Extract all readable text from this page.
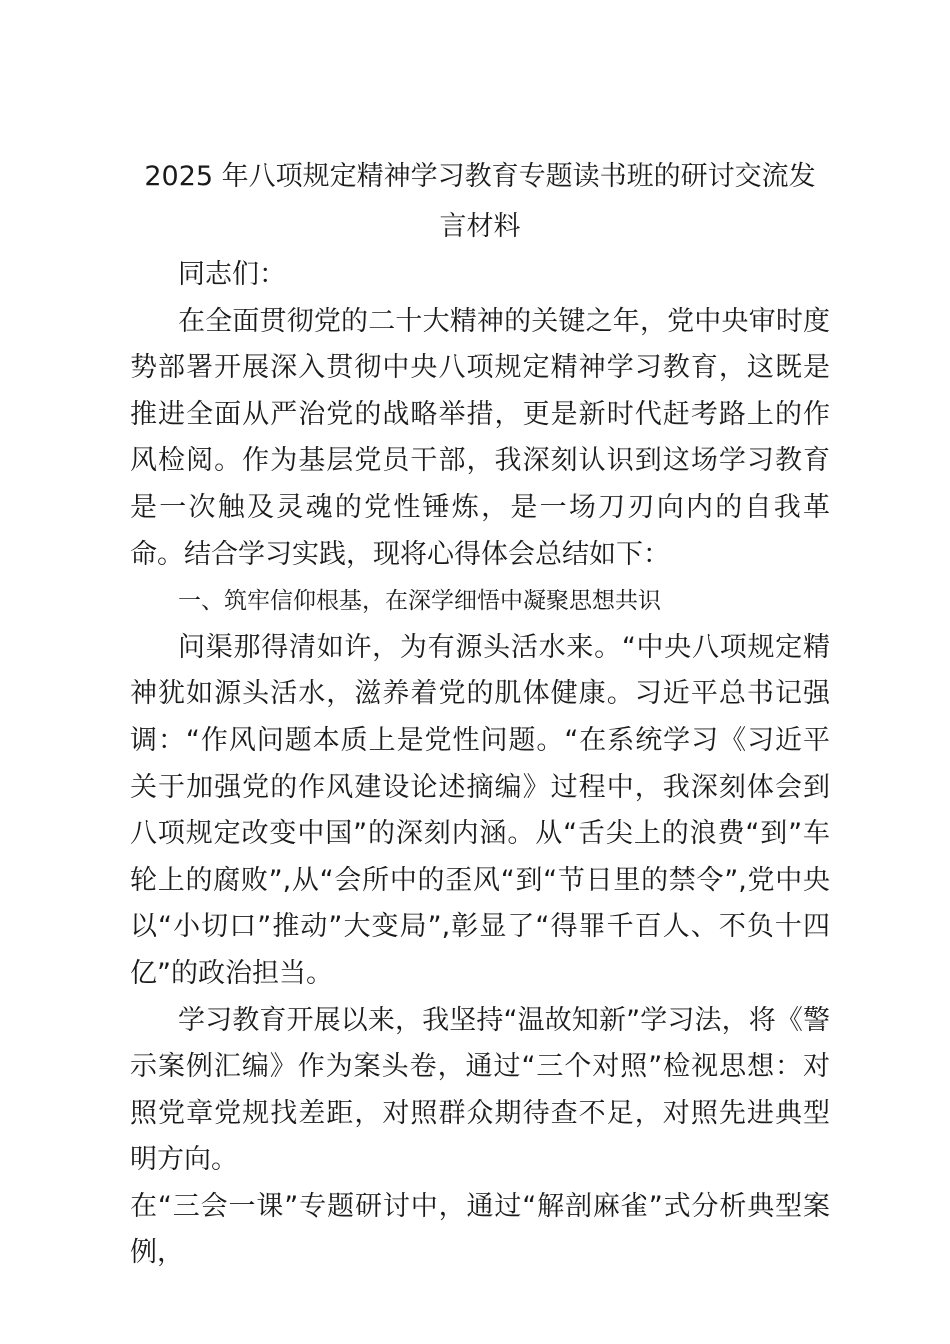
2025 年八项规定精神学习教育专题读书班的研讨交流发
言材料

同志们：

在全面贯彻党的二十大精神的关键之年，党中央审时度势部署开展深入贯彻中央八项规定精神学习教育，这既是推进全面从严治党的战略举措，更是新时代赶考路上的作风检阅。作为基层党员干部，我深刻认识到这场学习教育是一次触及灵魂的党性锤炼，是一场刀刃向内的自我革命。结合学习实践，现将心得体会总结如下：

一、筑牢信仰根基，在深学细悟中凝聚思想共识

问渠那得清如许，为有源头活水来。“中央八项规定精神犹如源头活水，滋养着党的肌体健康。习近平总书记强调：“作风问题本质上是党性问题。“在系统学习《习近平关于加强党的作风建设论述摘编》过程中，我深刻体会到八项规定改变中国”的深刻内涵。从“舌尖上的浪费“到”车轮上的腐败”,从“会所中的歪风“到“节日里的禁令”,党中央以“小切口”推动”大变局”,彰显了“得罪千百人、不负十四亿”的政治担当。

学习教育开展以来，我坚持“温故知新”学习法，将《警示案例汇编》作为案头卷，通过“三个对照”检视思想：对照党章党规找差距，对照群众期待查不足，对照先进典型明方向。

在“三会一课”专题研讨中，通过“解剖麻雀”式分析典型案例，
